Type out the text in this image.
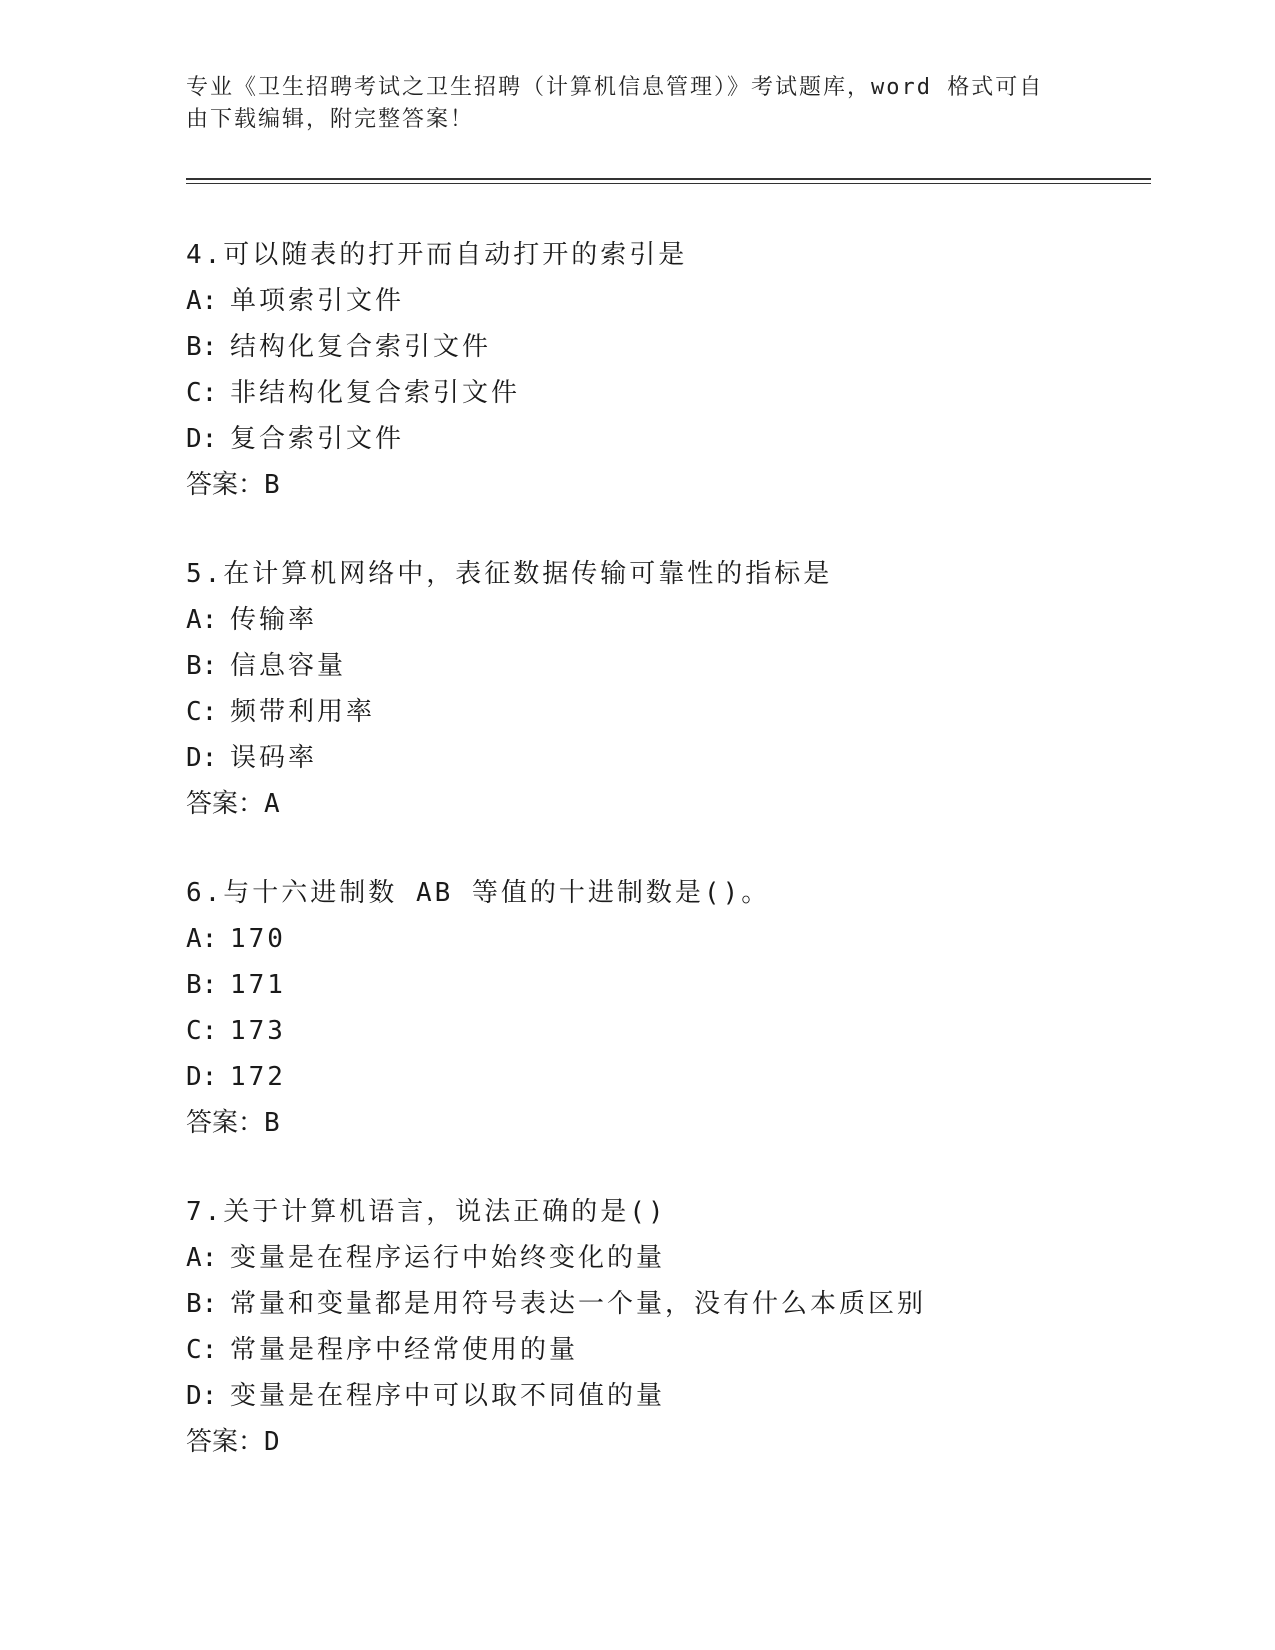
专业《卫生招聘考试之卫生招聘（计算机信息管理）》考试题库，word 格式可自
由下载编辑，附完整答案！
4.可以随表的打开而自动打开的索引是
A: 单项索引文件
B: 结构化复合索引文件
C: 非结构化复合索引文件
D: 复合索引文件
答案：B
5.在计算机网络中，表征数据传输可靠性的指标是
A: 传输率
B: 信息容量
C: 频带利用率
D: 误码率
答案：A
6.与十六进制数 AB 等值的十进制数是()。
A: 170
B: 171
C: 173
D: 172
答案：B
7.关于计算机语言，说法正确的是()
A: 变量是在程序运行中始终变化的量
B: 常量和变量都是用符号表达一个量，没有什么本质区别
C: 常量是程序中经常使用的量
D: 变量是在程序中可以取不同值的量
答案：D
